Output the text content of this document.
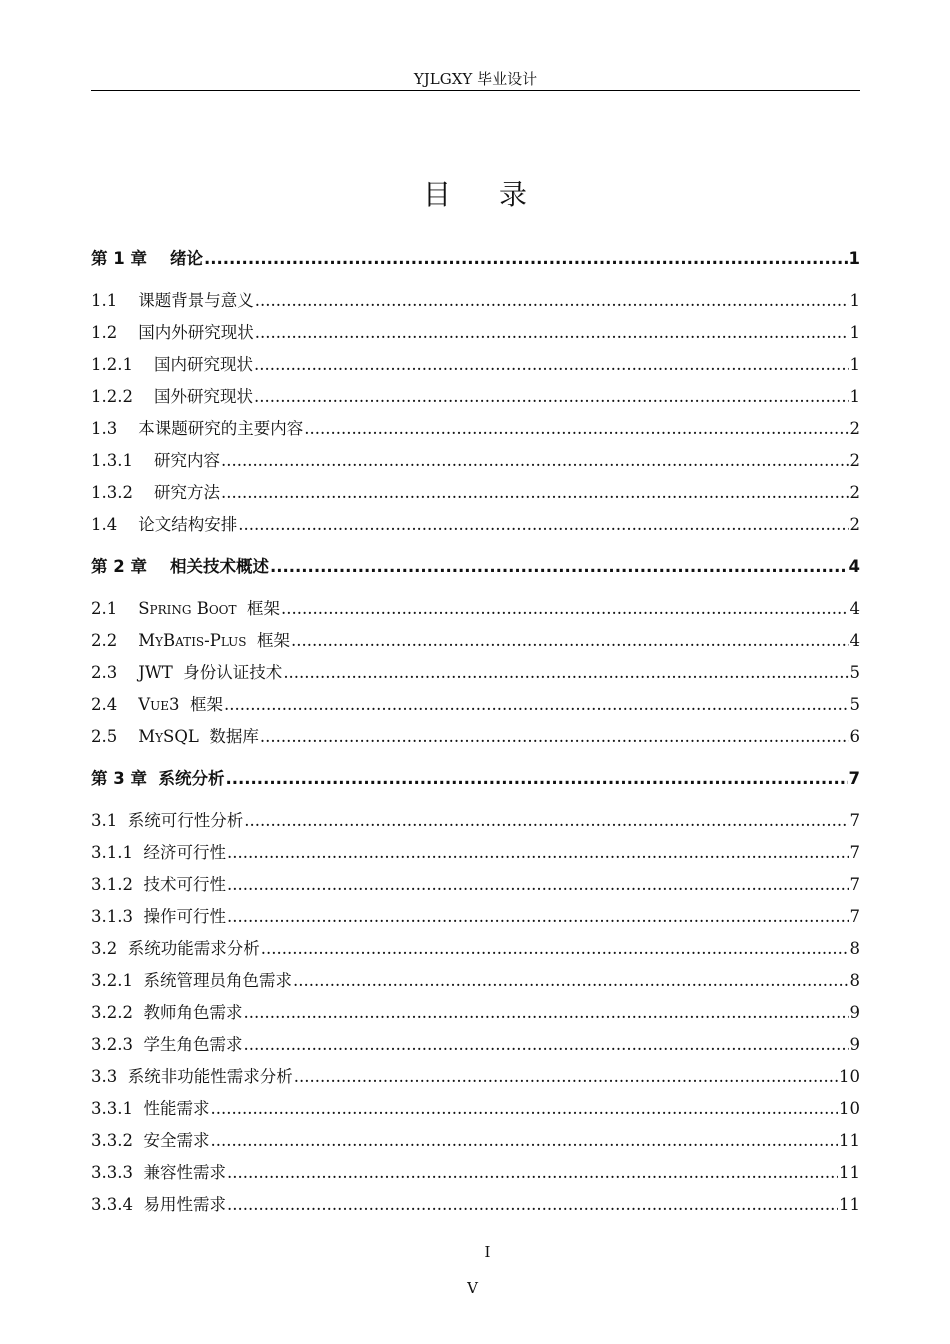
YJLGXY 毕业设计
目录
第 1 章 绪论 .....	1
1.1 课题背景与意义 .....	1
1.2 国内外研究现状 .....	1
1.2.1 国内研究现状 .....	1
1.2.2 国外研究现状 .....	1
1.3 本课题研究的主要内容 .....	2
1.3.1 研究内容 .....	2
1.3.2 研究方法 .....	2
1.4 论文结构安排 .....	2
第 2 章 相关技术概述 .....	4
2.1 Spring Boot  框架 .....	4
2.2 MyBatis-Plus  框架 .....	4
2.3 JWT  身份认证技术 .....	5
2.4 Vue3  框架 .....	5
2.5 MySQL  数据库 .....	6
第 3 章 系统分析 .....	7
3.1 系统可行性分析 .....	7
3.1.1 经济可行性 .....	7
3.1.2 技术可行性 .....	7
3.1.3 操作可行性 .....	7
3.2 系统功能需求分析 .....	8
3.2.1 系统管理员角色需求 .....	8
3.2.2 教师角色需求 .....	9
3.2.3 学生角色需求 .....	9
3.3 系统非功能性需求分析 .....	10
3.3.1 性能需求 .....	10
3.3.2 安全需求 .....	11
3.3.3 兼容性需求 .....	11
3.3.4 易用性需求 .....	11
I
V
